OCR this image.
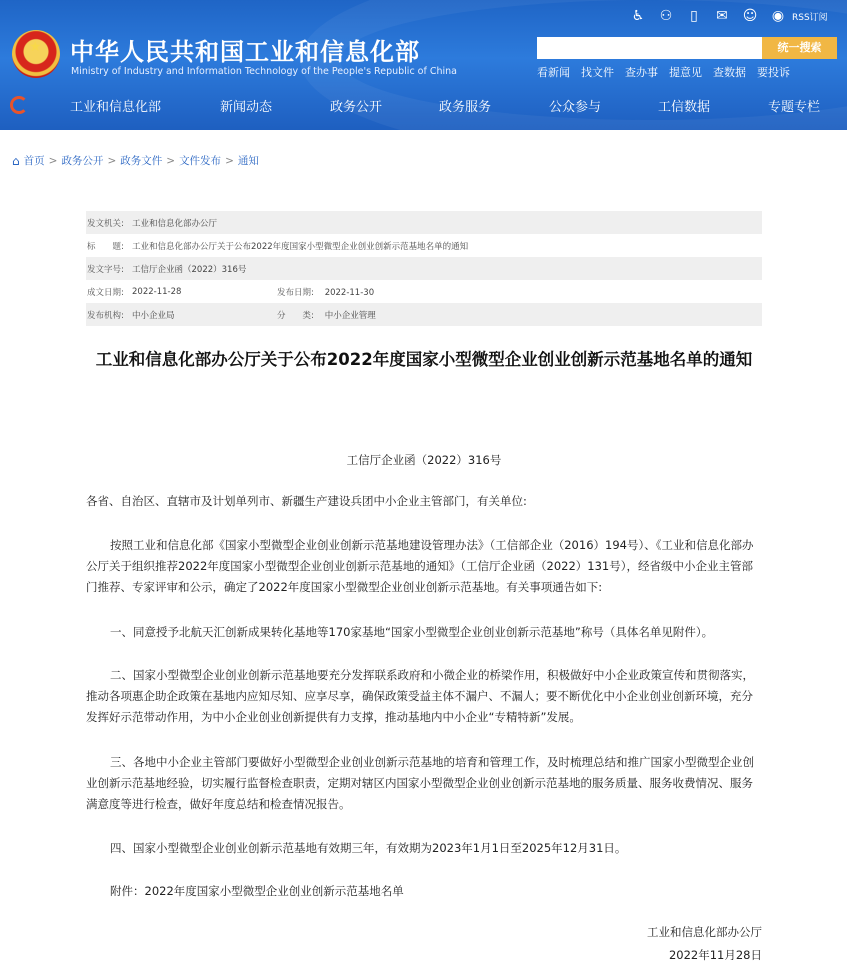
★ 中华人民共和国工业和信息化部
Ministry of Industry and Information Technology of the People's Republic of China
♿ ⚇	▯	✉ ☺ ◉ RSS订阅
统一搜索
看新闻 找文件 查办事 提意见 查数据 要投诉
工业和信息化部	新闻动态	政务公开	政务服务	公众参与	工信数据	专题专栏
⌂ 首页 > 政务公开 > 政务文件 > 文件发布 > 通知
发文机关: 工业和信息化部办公厅
标　　题: 工业和信息化部办公厅关于公布2022年度国家小型微型企业创业创新示范基地名单的通知
发文字号: 工信厅企业函（2022）316号
成文日期: 2022-11-28	发布日期: 2022-11-30
发布机构: 中小企业局	分　　类: 中小企业管理
工业和信息化部办公厅关于公布2022年度国家小型微型企业创业创新示范基地名单的通知
工信厅企业函（2022）316号
各省、自治区、直辖市及计划单列市、新疆生产建设兵团中小企业主管部门，有关单位:
按照工业和信息化部《国家小型微型企业创业创新示范基地建设管理办法》（工信部企业（2016）194号）、《工业和信息化部办公厅关于组织推荐2022年度国家小型微型企业创业创新示范基地的通知》（工信厅企业函（2022）131号），经省级中小企业主管部门推荐、专家评审和公示，确定了2022年度国家小型微型企业创业创新示范基地。有关事项通告如下:
一、同意授予北航天汇创新成果转化基地等170家基地“国家小型微型企业创业创新示范基地”称号（具体名单见附件）。
二、国家小型微型企业创业创新示范基地要充分发挥联系政府和小微企业的桥梁作用，积极做好中小企业政策宣传和贯彻落实，推动各项惠企助企政策在基地内应知尽知、应享尽享，确保政策受益主体不漏户、不漏人；要不断优化中小企业创业创新环境，充分发挥好示范带动作用，为中小企业创业创新提供有力支撑，推动基地内中小企业“专精特新”发展。
三、各地中小企业主管部门要做好小型微型企业创业创新示范基地的培育和管理工作，及时梳理总结和推广国家小型微型企业创业创新示范基地经验，切实履行监督检查职责，定期对辖区内国家小型微型企业创业创新示范基地的服务质量、服务收费情况、服务满意度等进行检查，做好年度总结和检查情况报告。
四、国家小型微型企业创业创新示范基地有效期三年，有效期为2023年1月1日至2025年12月31日。
附件：2022年度国家小型微型企业创业创新示范基地名单
工业和信息化部办公厅
2022年11月28日
